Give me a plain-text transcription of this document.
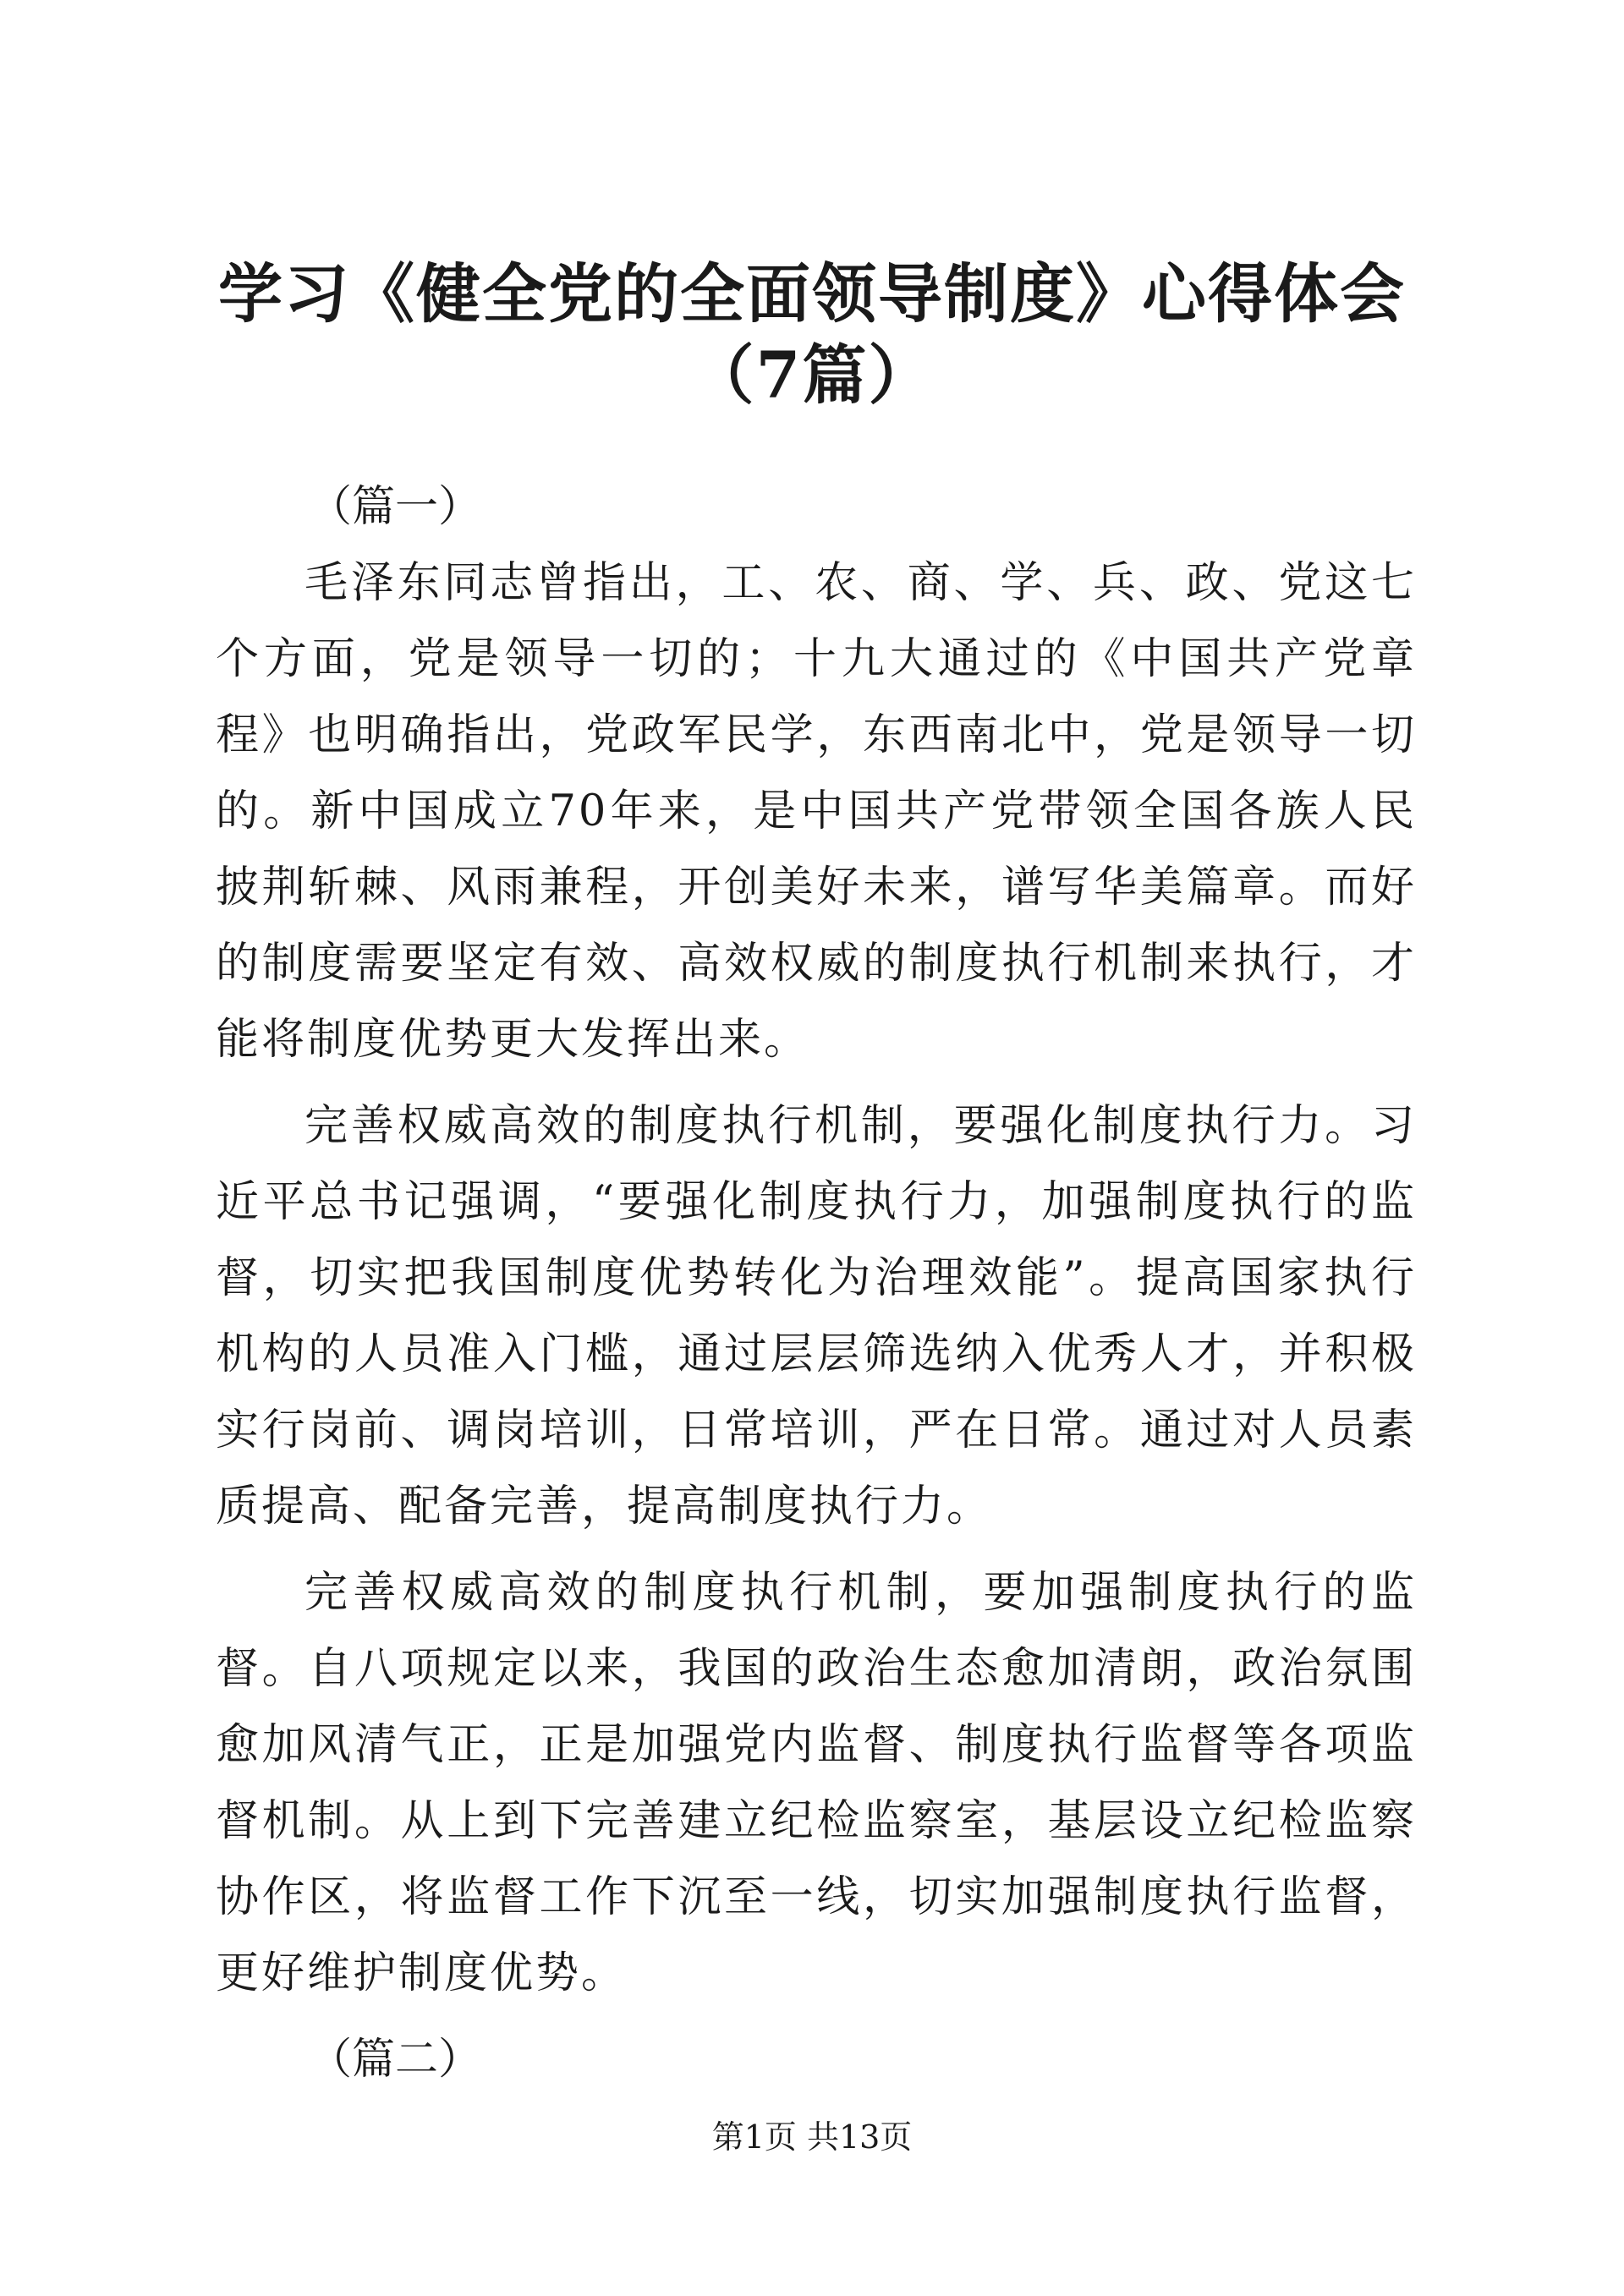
学习《健全党的全面领导制度》心得体会（7篇）

（篇一）

毛泽东同志曾指出，工、农、商、学、兵、政、党这七个方面，党是领导一切的；十九大通过的《中国共产党章程》也明确指出，党政军民学，东西南北中，党是领导一切的。新中国成立70年来，是中国共产党带领全国各族人民披荆斩棘、风雨兼程，开创美好未来，谱写华美篇章。而好的制度需要坚定有效、高效权威的制度执行机制来执行，才能将制度优势更大发挥出来。

完善权威高效的制度执行机制，要强化制度执行力。习近平总书记强调，“要强化制度执行力，加强制度执行的监督，切实把我国制度优势转化为治理效能”。提高国家执行机构的人员准入门槛，通过层层筛选纳入优秀人才，并积极实行岗前、调岗培训，日常培训，严在日常。通过对人员素质提高、配备完善，提高制度执行力。

完善权威高效的制度执行机制，要加强制度执行的监督。自八项规定以来，我国的政治生态愈加清朗，政治氛围愈加风清气正，正是加强党内监督、制度执行监督等各项监督机制。从上到下完善建立纪检监察室，基层设立纪检监察协作区，将监督工作下沉至一线，切实加强制度执行监督，更好维护制度优势。

（篇二）

第1页 共13页
